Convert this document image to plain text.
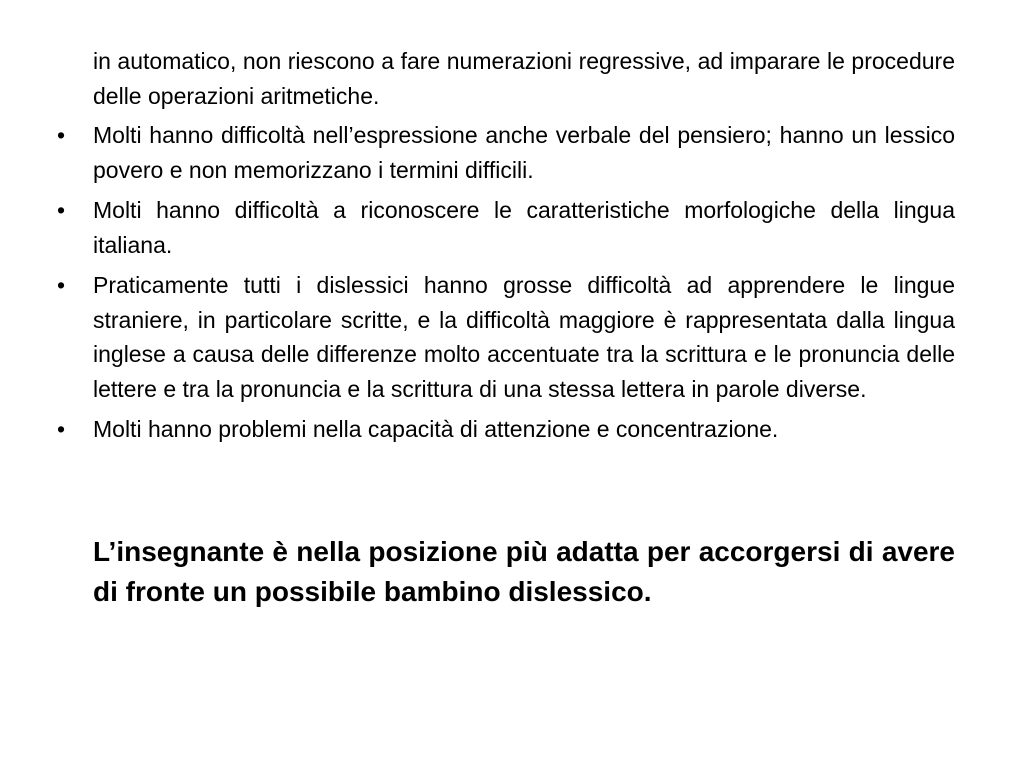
in automatico, non riescono a fare numerazioni regressive, ad imparare le procedure delle operazioni aritmetiche.

•	Molti hanno difficoltà nell’espressione anche verbale del pensiero; hanno un lessico povero e non memorizzano i termini difficili.
•	Molti hanno difficoltà a riconoscere le caratteristiche morfologiche della lingua italiana.
•	Praticamente tutti i dislessici hanno grosse difficoltà ad apprendere le lingue straniere, in particolare scritte, e la difficoltà maggiore è rappresentata dalla lingua inglese a causa delle differenze molto accentuate tra la scrittura e le pronuncia delle lettere e tra la pronuncia e la scrittura di una stessa lettera in parole diverse.
•	Molti hanno problemi nella capacità di attenzione e concentrazione.

L’insegnante è nella posizione più adatta per accorgersi di avere di fronte un possibile bambino dislessico.
